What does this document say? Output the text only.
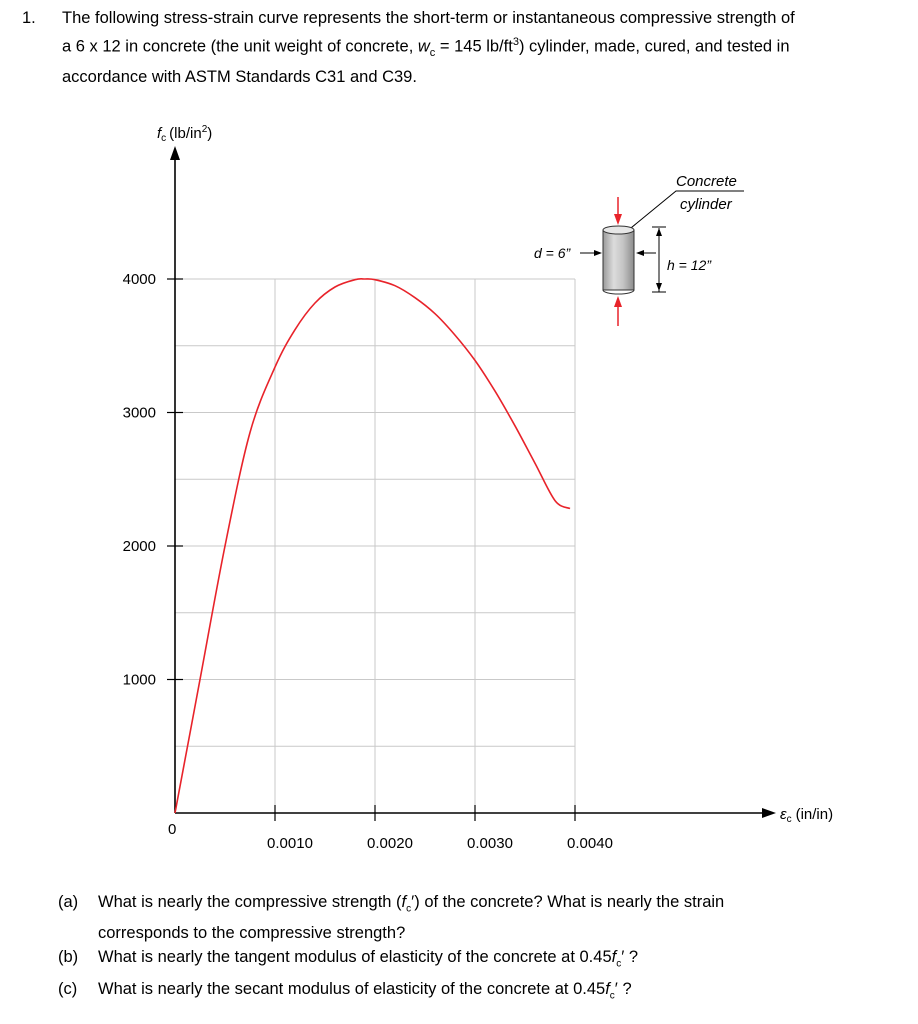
1. The following stress-strain curve represents the short-term or instantaneous compressive strength of
a 6 x 12 in concrete (the unit weight of concrete, $w_c = 145$ $lb/ft^3$) cylinder, made, cured, and tested in
accordance with ASTM Standards C31 and C39.
1000
2000
3000
4000
0.0010	0.0020	0.0030	0.0040
$f_c$ $(lb/in^2)$
$\varepsilon_c$ (in/in)
0
Concrete
cylinder
d = 6”
h = 12”
(a) What is nearly the compressive strength $(f_c')$ of the concrete? What is nearly the strain
corresponds to the compressive strength?
(b) What is nearly the tangent modulus of elasticity of the concrete at $0.45f_c'$ ?
(c) What is nearly the secant modulus of elasticity of the concrete at $0.45f_c'$ ?
